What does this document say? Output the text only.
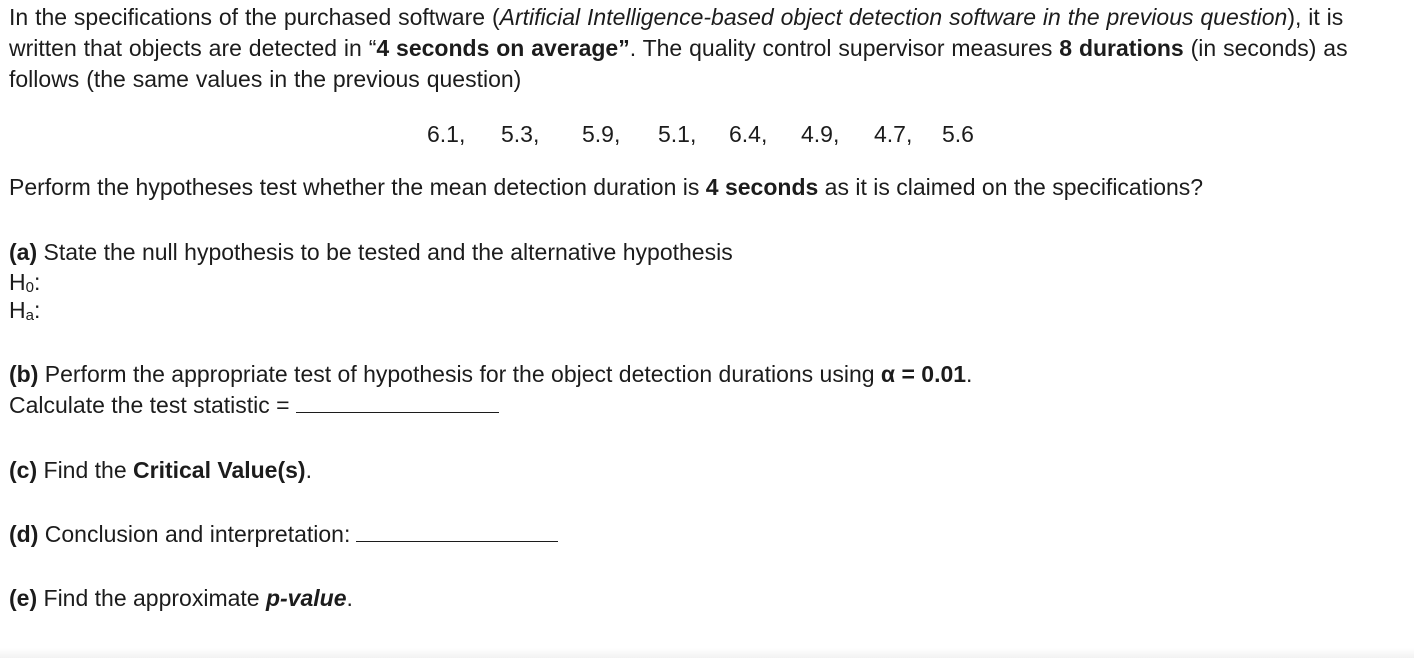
In the specifications of the purchased software (Artificial Intelligence-based object detection software in the previous question), it is written that objects are detected in “4 seconds on average”. The quality control supervisor measures 8 durations (in seconds) as follows (the same values in the previous question)

6.1,	5.3,	5.9,	5.1,	6.4,	4.9,	4.7,	5.6

Perform the hypotheses test whether the mean detection duration is 4 seconds as it is claimed on the specifications?

(a) State the null hypothesis to be tested and the alternative hypothesis

$H_0$:

$H_a$:

(b) Perform the appropriate test of hypothesis for the object detection durations using α = 0.01.

Calculate the test statistic =

(c) Find the Critical Value(s).

(d) Conclusion and interpretation:

(e) Find the approximate p-value.
